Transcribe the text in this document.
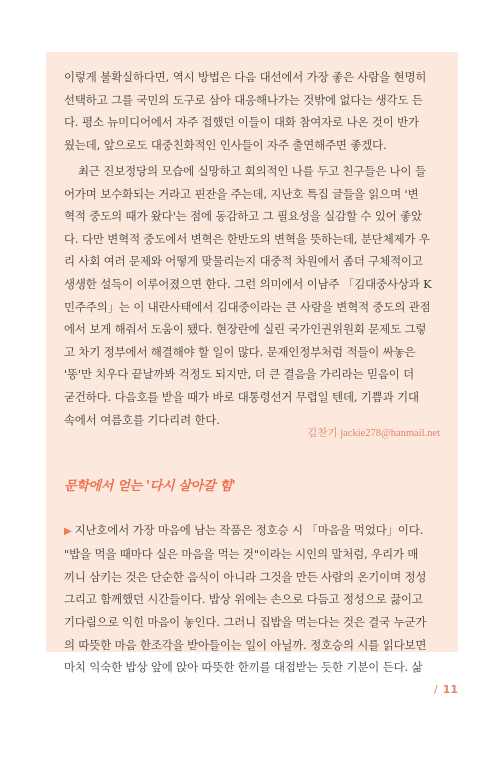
이렇게 불확실하다면, 역시 방법은 다음 대선에서 가장 좋은 사람을 현명히
선택하고 그를 국민의 도구로 삼아 대응해나가는 것밖에 없다는 생각도 든
다. 평소 뉴미디어에서 자주 접했던 이들이 대화 참여자로 나온 것이 반가
웠는데, 앞으로도 대중친화적인 인사들이 자주 출연해주면 좋겠다.

최근 진보정당의 모습에 실망하고 회의적인 나를 두고 친구들은 나이 들
어가며 보수화되는 거라고 핀잔을 주는데, 지난호 특집 글들을 읽으며 '변
혁적 중도의 때가 왔다'는 점에 동감하고 그 필요성을 실감할 수 있어 좋았
다. 다만 변혁적 중도에서 변혁은 한반도의 변혁을 뜻하는데, 분단체제가 우
리 사회 여러 문제와 어떻게 맞물리는지 대중적 차원에서 좀더 구체적이고
생생한 설득이 이루어졌으면 한다. 그런 의미에서 이남주 「김대중사상과 K
민주주의」는 이 내란사태에서 김대중이라는 큰 사람을 변혁적 중도의 관점
에서 보게 해줘서 도움이 됐다. 현장란에 실린 국가인권위원회 문제도 그렇
고 차기 정부에서 해결해야 할 일이 많다. 문재인정부처럼 적들이 싸놓은
'똥'만 치우다 끝날까봐 걱정도 되지만, 더 큰 결음을 가리라는 믿음이 더
굳건하다. 다음호를 받을 때가 바로 대통령선거 무렵일 텐데, 기쁨과 기대
속에서 여름호를 기다리려 한다.

김찬기 jackie278@hanmail.net
문학에서 얻는 '다시 살아갈 힘'

▶ 지난호에서 가장 마음에 남는 작품은 정호승 시 「마음을 먹었다」이다.
"밥을 먹을 때마다 실은 마음을 먹는 것"이라는 시인의 말처럼, 우리가 매
끼니 삼키는 것은 단순한 음식이 아니라 그것을 만든 사람의 온기이며 정성
그리고 함께했던 시간들이다. 밥상 위에는 손으로 다듬고 정성으로 끓이고
기다림으로 익힌 마음이 놓인다. 그러니 집밥을 먹는다는 것은 결국 누군가
의 따뜻한 마음 한조각을 받아들이는 일이 아닐까. 정호승의 시를 읽다보면
마치 익숙한 밥상 앞에 앉아 따뜻한 한끼를 대접받는 듯한 기분이 든다. 삶

/ 11
